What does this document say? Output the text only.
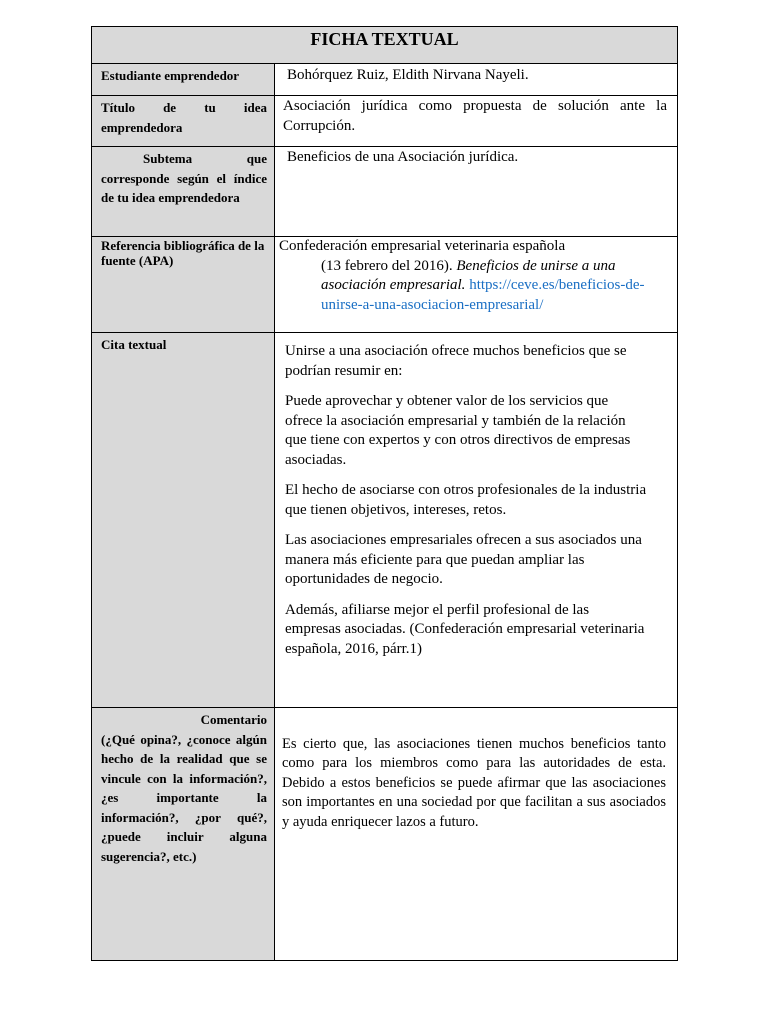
FICHA TEXTUAL	
Estudiante emprendedor	Bohórquez Ruiz, Eldith Nirvana Nayeli.
Título de tu idea emprendedora	Asociación jurídica como propuesta de solución ante la Corrupción.

Subtema que corresponde según el índice de tu idea emprendedora	Beneficios de una Asociación jurídica.
Referencia bibliográfica de la fuente (APA)	Confederación empresarial veterinaria española
(13 febrero del 2016). Beneficios de unirse a una asociación empresarial. https://ceve.es/beneficios-de-unirse-a-una-asociacion-empresarial/

Cita textual	Unirse a una asociación ofrece muchos beneficios que se podrían resumir en:

Puede aprovechar y obtener valor de los servicios que ofrece la asociación empresarial y también de la relación que tiene con expertos y con otros directivos de empresas asociadas.

El hecho de asociarse con otros profesionales de la industria que tienen objetivos, intereses, retos.

Las asociaciones empresariales ofrecen a sus asociados una manera más eficiente para que puedan ampliar las oportunidades de negocio.

Además, afiliarse mejor el perfil profesional de las empresas asociadas. (Confederación empresarial veterinaria española, 2016, párr.1)

Comentario
(¿Qué opina?, ¿conoce algún hecho de la realidad que se vincule con la información?, ¿es importante la información?, ¿por qué?, ¿puede incluir alguna sugerencia?, etc.)	Es cierto que, las asociaciones tienen muchos beneficios tanto como para los miembros como para las autoridades de esta. Debido a estos beneficios se puede afirmar que las asociaciones son importantes en una sociedad por que facilitan a sus asociados y ayuda enriquecer lazos a futuro.
